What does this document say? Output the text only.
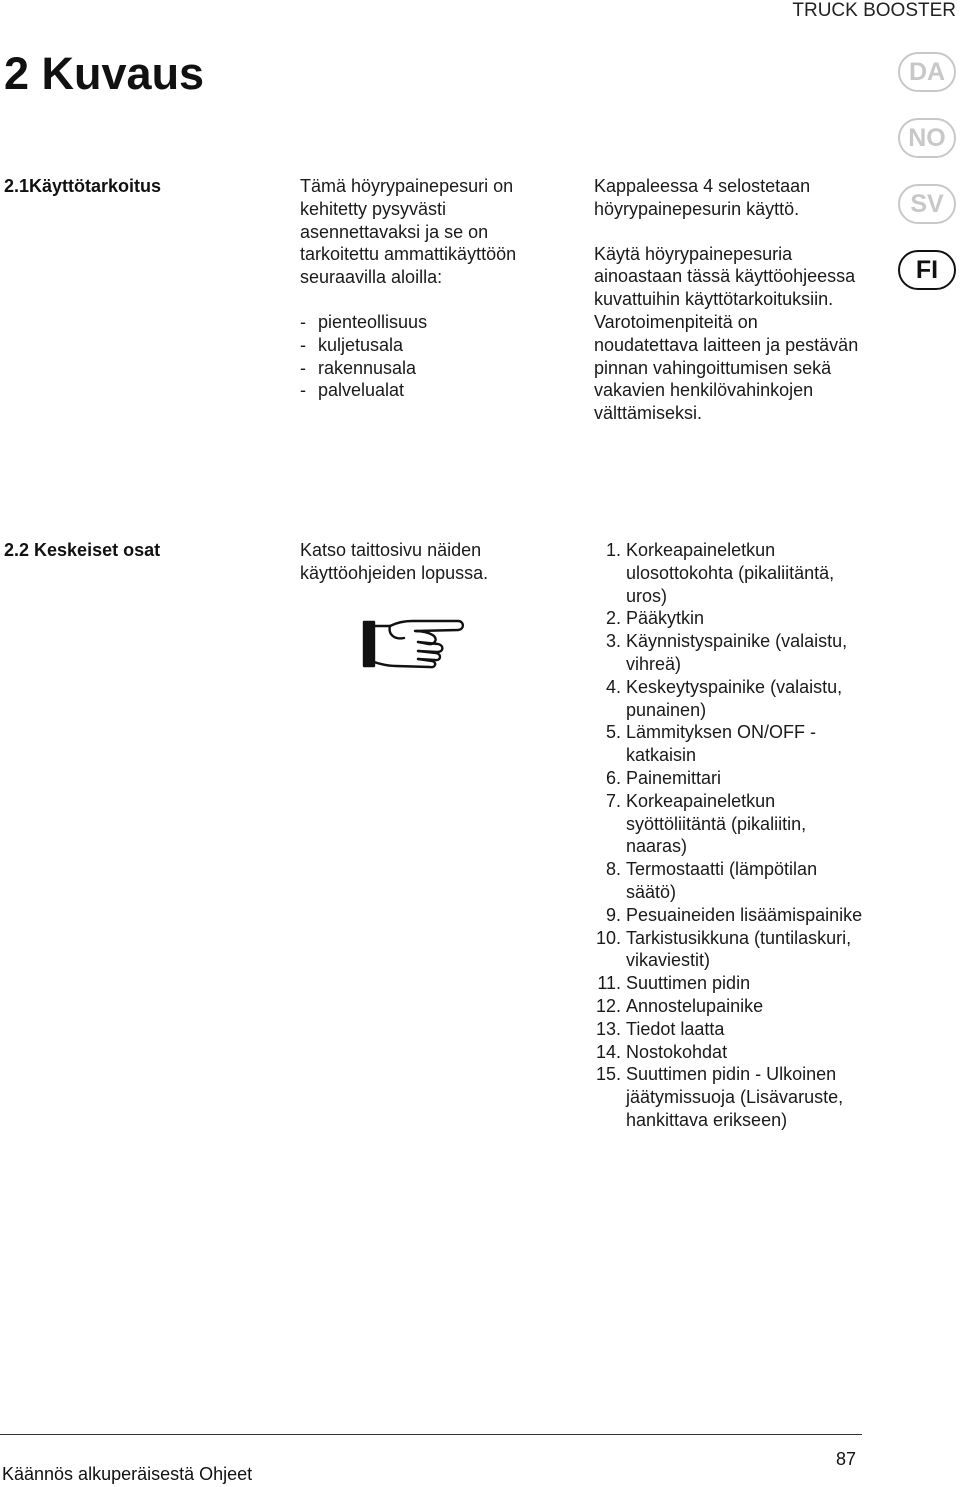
TRUCK BOOSTER
2 Kuvaus	DA
NO
SV
FI
2.1Käyttötarkoitus	Tämä höyrypainepesuri on kehitetty pysyvästi asennettavaksi ja se on tarkoitettu ammattikäyttöön seuraavilla aloilla:

- pienteollisuus
- kuljetusala
- rakennusala
- palvelualat

Kappaleessa 4 selostetaan höyrypainepesurin käyttö.

Käytä höyrypainepesuria ainoastaan tässä käyttöohjeessa kuvattuihin käyttötarkoituksiin. Varotoimenpiteitä on noudatettava laitteen ja pestävän pinnan vahingoittumisen sekä vakavien henkilövahinkojen välttämiseksi.

2.2 Keskeiset osat	Katso taittosivu näiden käyttöohjeiden lopussa.
1. Korkeapaineletkun ulosottokohta (pikaliitäntä, uros)
2. Pääkytkin
3. Käynnistyspainike (valaistu, vihreä)
4. Keskeytyspainike (valaistu, punainen)
5. Lämmityksen ON/OFF -katkaisin
6. Painemittari
7. Korkeapaineletkun syöttöliitäntä (pikaliitin, naaras)
8. Termostaatti (lämpötilan säätö)
9. Pesuaineiden lisäämispainike
10. Tarkistusikkuna (tuntilaskuri, vikaviestit)
11. Suuttimen pidin
12. Annostelupainike
13. Tiedot laatta
14. Nostokohdat
15. Suuttimen pidin - Ulkoinen jäätymissuoja (Lisävaruste, hankittava erikseen)
Käännös alkuperäisestä Ohjeet
87
